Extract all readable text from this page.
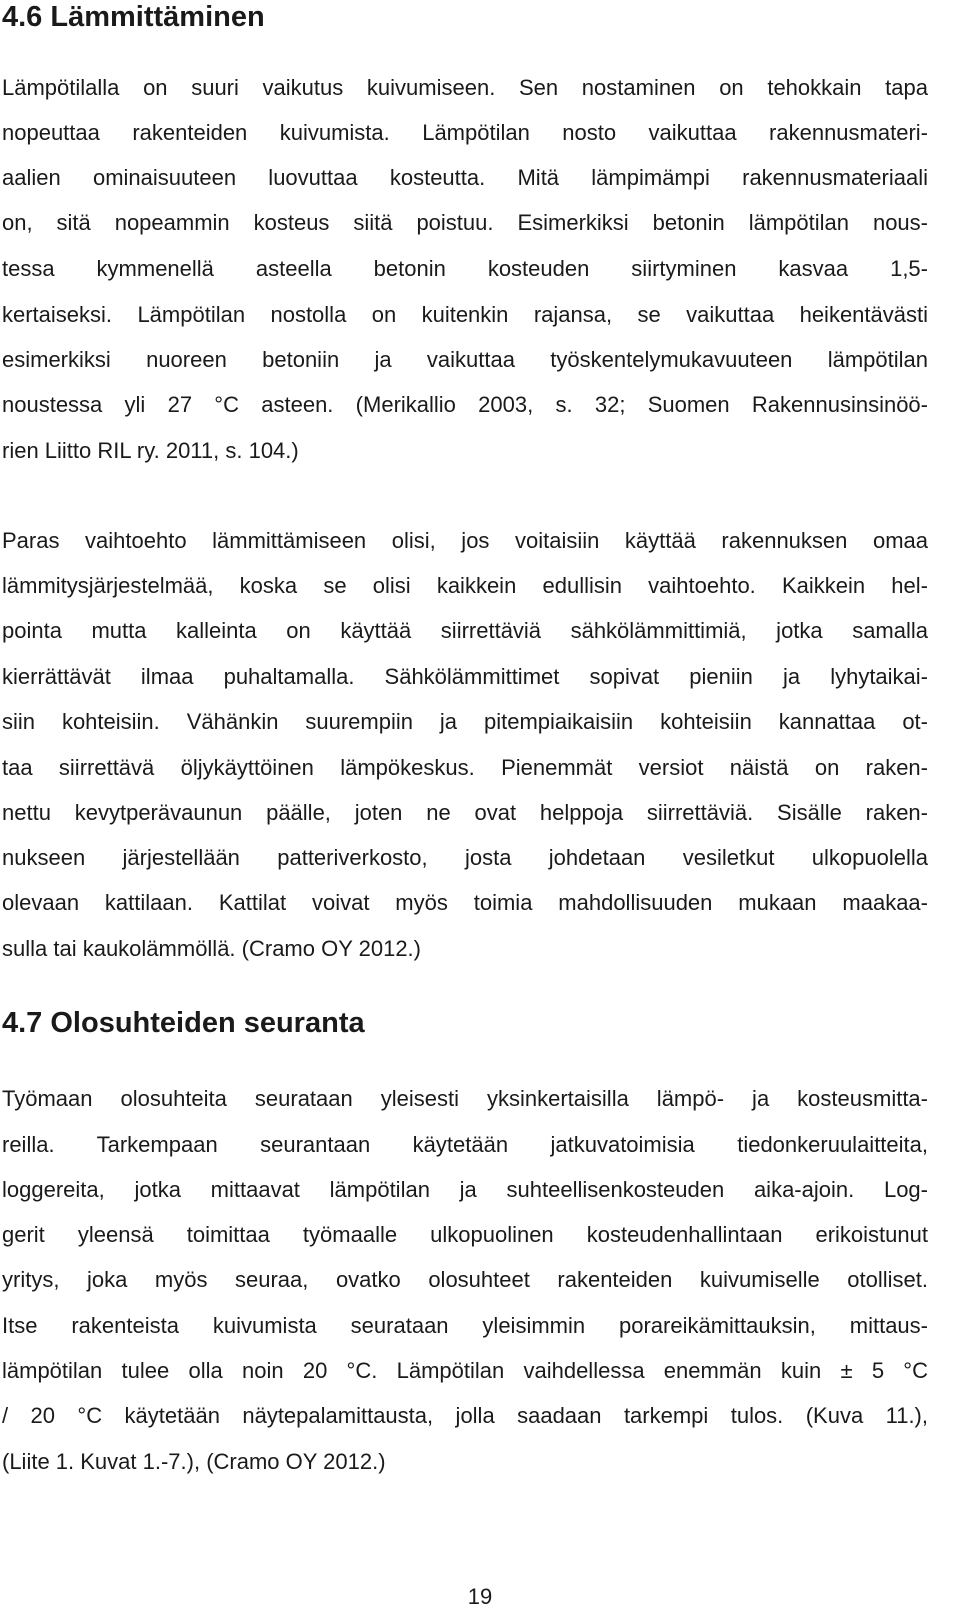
4.6 Lämmittäminen
Lämpötilalla on suuri vaikutus kuivumiseen. Sen nostaminen on tehokkain tapa
nopeuttaa rakenteiden kuivumista. Lämpötilan nosto vaikuttaa rakennusmateri-
aalien ominaisuuteen luovuttaa kosteutta. Mitä lämpimämpi rakennusmateriaali
on, sitä nopeammin kosteus siitä poistuu. Esimerkiksi betonin lämpötilan nous-
tessa kymmenellä asteella betonin kosteuden siirtyminen kasvaa 1,5-
kertaiseksi. Lämpötilan nostolla on kuitenkin rajansa, se vaikuttaa heikentävästi
esimerkiksi nuoreen betoniin ja vaikuttaa työskentelymukavuuteen lämpötilan
noustessa yli 27 °C asteen. (Merikallio 2003, s. 32; Suomen Rakennusinsinöö-
rien Liitto RIL ry. 2011, s. 104.)
Paras vaihtoehto lämmittämiseen olisi, jos voitaisiin käyttää rakennuksen omaa
lämmitysjärjestelmää, koska se olisi kaikkein edullisin vaihtoehto. Kaikkein hel-
pointa mutta kalleinta on käyttää siirrettäviä sähkölämmittimiä, jotka samalla
kierrättävät ilmaa puhaltamalla. Sähkölämmittimet sopivat pieniin ja lyhytaikai-
siin kohteisiin. Vähänkin suurempiin ja pitempiaikaisiin kohteisiin kannattaa ot-
taa siirrettävä öljykäyttöinen lämpökeskus. Pienemmät versiot näistä on raken-
nettu kevytperävaunun päälle, joten ne ovat helppoja siirrettäviä. Sisälle raken-
nukseen järjestellään patteriverkosto, josta johdetaan vesiletkut ulkopuolella
olevaan kattilaan. Kattilat voivat myös toimia mahdollisuuden mukaan maakaa-
sulla tai kaukolämmöllä. (Cramo OY 2012.)
4.7 Olosuhteiden seuranta
Työmaan olosuhteita seurataan yleisesti yksinkertaisilla lämpö- ja kosteusmitta-
reilla. Tarkempaan seurantaan käytetään jatkuvatoimisia tiedonkeruulaitteita,
loggereita, jotka mittaavat lämpötilan ja suhteellisenkosteuden aika-ajoin. Log-
gerit yleensä toimittaa työmaalle ulkopuolinen kosteudenhallintaan erikoistunut
yritys, joka myös seuraa, ovatko olosuhteet rakenteiden kuivumiselle otolliset.
Itse rakenteista kuivumista seurataan yleisimmin porareikämittauksin, mittaus-
lämpötilan tulee olla noin 20 °C. Lämpötilan vaihdellessa enemmän kuin ± 5 °C
/ 20 °C käytetään näytepalamittausta, jolla saadaan tarkempi tulos. (Kuva 11.),
(Liite 1. Kuvat 1.-7.), (Cramo OY 2012.)
19
